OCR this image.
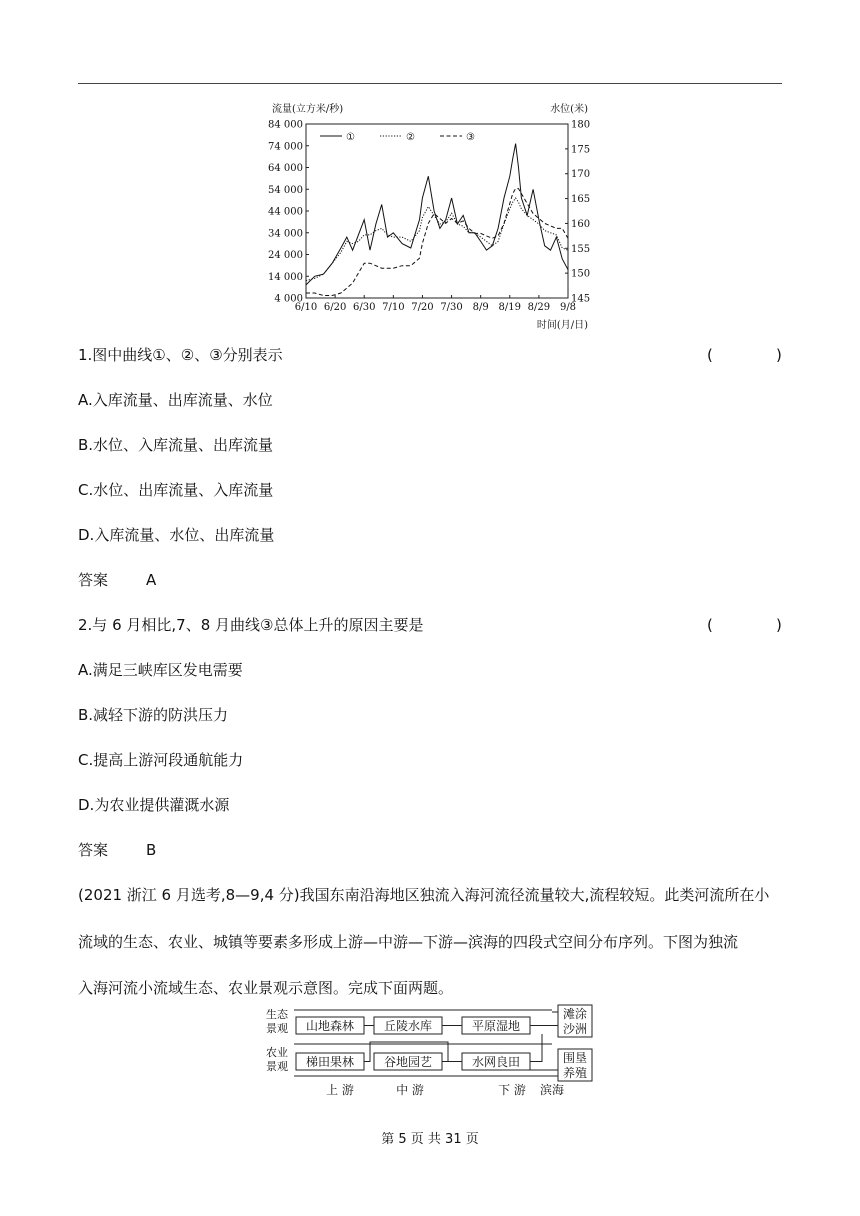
流量(立方米/秒)	水位(米)
时间(月/日)
6/10 6/20 6/30 7/10 7/20 7/30 8/9 8/19 8/29 9/8
4 000
14 000
24 000
34 000
44 000
54 000
64 000
74 000
84 000
145
150
155
160
165
170
175
180
①	②	③
1.图中曲线①、②、③分别表示	(	)
A.入库流量、出库流量、水位
B.水位、入库流量、出库流量
C.水位、出库流量、入库流量
D.入库流量、水位、出库流量
答案	A
2.与 6 月相比,7、8 月曲线③总体上升的原因主要是	(	)
A.满足三峡库区发电需要
B.减轻下游的防洪压力
C.提高上游河段通航能力
D.为农业提供灌溉水源
答案	B
(2021 浙江 6 月选考,8—9,4 分)我国东南沿海地区独流入海河流径流量较大,流程较短。此类河流所在小
流域的生态、农业、城镇等要素多形成上游—中游—下游—滨海的四段式空间分布序列。下图为独流
入海河流小流域生态、农业景观示意图。完成下面两题。
生态
景观
农业
景观
山地森林 丘陵水库	平原湿地
梯田果林 谷地园艺	水网良田
滩涂
沙洲
围垦
养殖
上 游	中 游	下 游 滨海
第 5 页 共 31 页
